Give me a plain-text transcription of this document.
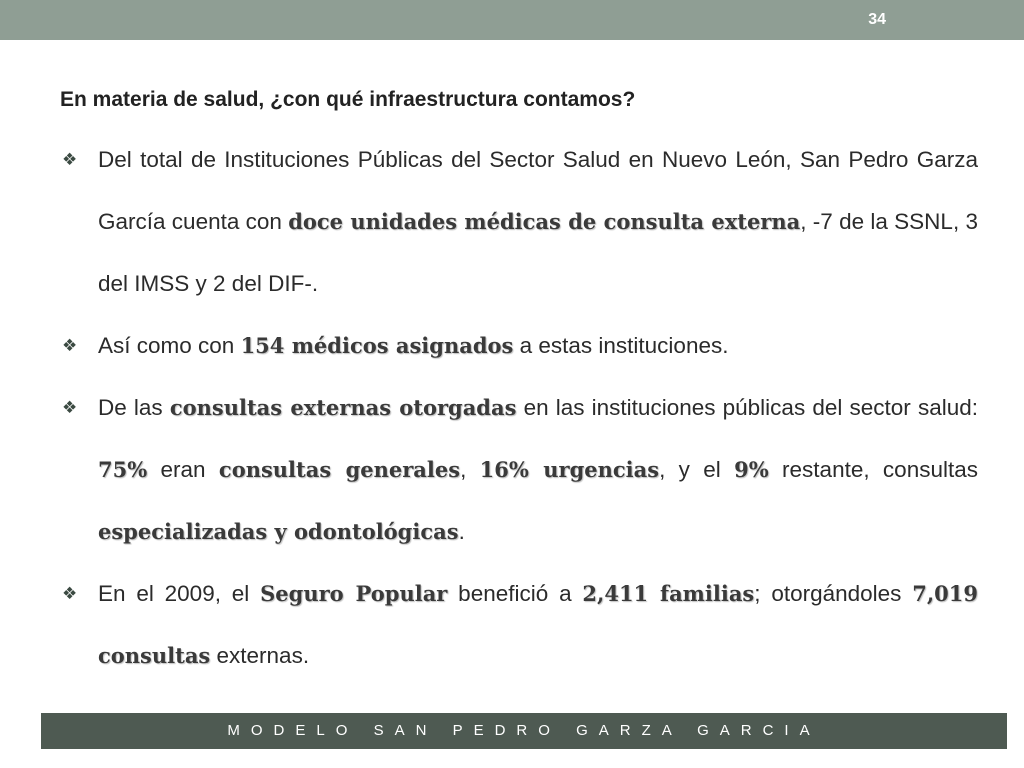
34
En materia de salud, ¿con qué infraestructura contamos?
❖ Del total de Instituciones Públicas del Sector Salud en Nuevo León, San Pedro Garza García cuenta con doce unidades médicas de consulta externa, -7 de la SSNL, 3 del IMSS y 2 del DIF-.
❖ Así como con 154 médicos asignados a estas instituciones.
❖ De las consultas externas otorgadas en las instituciones públicas del sector salud: 75% eran consultas generales, 16% urgencias, y el 9% restante, consultas especializadas y odontológicas.
❖ En el 2009, el Seguro Popular benefició a 2,411 familias; otorgándoles 7,019 consultas externas.
MODELO SAN PEDRO GARZA GARCIA
